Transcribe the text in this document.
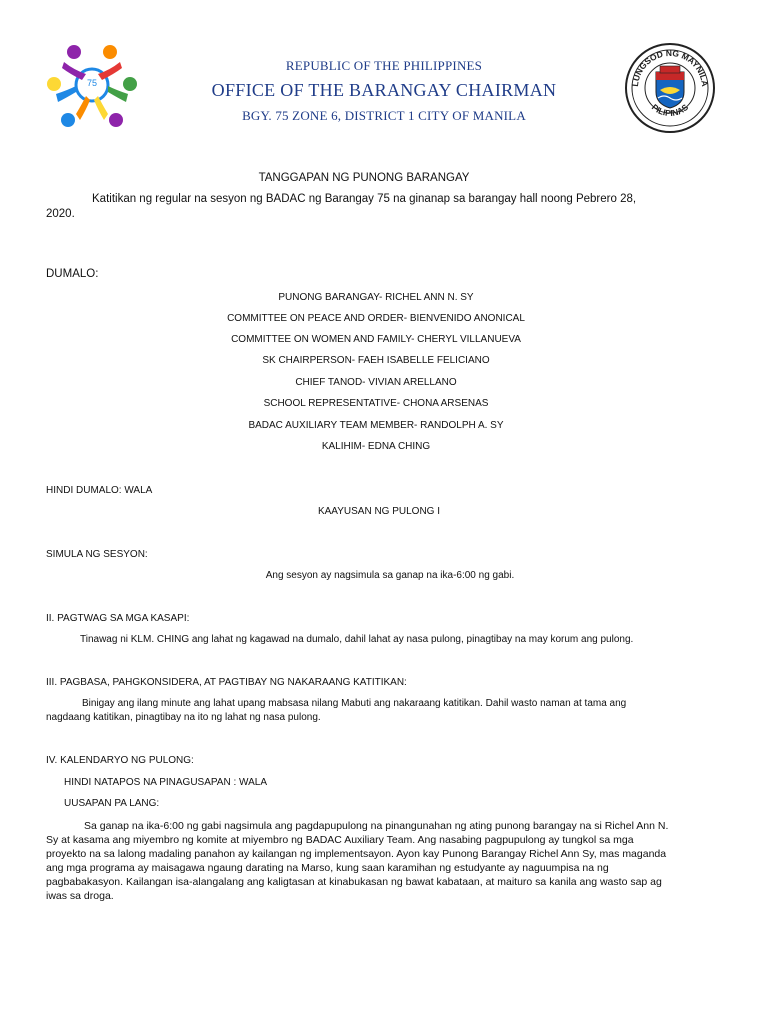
75
REPUBLIC OF THE PHILIPPINES
OFFICE OF THE BARANGAY CHAIRMAN
BGY. 75 ZONE 6, DISTRICT 1 CITY OF MANILA
LUNGSOD NG MAYNILA
PILIPINAS
TANGGAPAN NG PUNONG BARANGAY
Katitikan ng regular na sesyon ng BADAC ng Barangay 75 na ginanap sa barangay hall noong Pebrero 28,
2020.
DUMALO:
PUNONG BARANGAY- RICHEL ANN N. SY
COMMITTEE ON PEACE AND ORDER- BIENVENIDO ANONICAL
COMMITTEE ON WOMEN AND FAMILY- CHERYL VILLANUEVA
SK CHAIRPERSON- FAEH ISABELLE FELICIANO
CHIEF TANOD- VIVIAN ARELLANO
SCHOOL REPRESENTATIVE- CHONA ARSENAS
BADAC AUXILIARY TEAM MEMBER- RANDOLPH A. SY
KALIHIM- EDNA CHING
HINDI DUMALO: WALA
KAAYUSAN NG PULONG I
SIMULA NG SESYON:
Ang sesyon ay nagsimula sa ganap na ika-6:00 ng gabi.
II. PAGTWAG SA MGA KASAPI:
Tinawag ni KLM. CHING ang lahat ng kagawad na dumalo, dahil lahat ay nasa pulong, pinagtibay na may korum ang pulong.
III. PAGBASA, PAHGKONSIDERA, AT PAGTIBAY NG NAKARAANG KATITIKAN:
Binigay ang ilang minute ang lahat upang mabsasa nilang Mabuti ang nakaraang katitikan. Dahil wasto naman at tama ang
nagdaang katitikan, pinagtibay na ito ng lahat ng nasa pulong.
IV. KALENDARYO NG PULONG:
HINDI NATAPOS NA PINAGUSAPAN : WALA
UUSAPAN PA LANG:
Sa ganap na ika-6:00 ng gabi nagsimula ang pagdapupulong na pinangunahan ng ating punong barangay na si Richel Ann N.
Sy at kasama ang miyembro ng komite at miyembro ng BADAC Auxiliary Team. Ang nasabing pagpupulong ay tungkol sa mga
proyekto na sa lalong madaling panahon ay kailangan ng implementsayon. Ayon kay Punong Barangay Richel Ann Sy, mas maganda
ang mga programa ay maisagawa ngaung darating na Marso, kung saan karamihan ng estudyante ay naguumpisa na ng
pagbabakasyon. Kailangan isa-alangalang ang kaligtasan at kinabukasan ng bawat kabataan, at maituro sa kanila ang wasto sap ag
iwas sa droga.
